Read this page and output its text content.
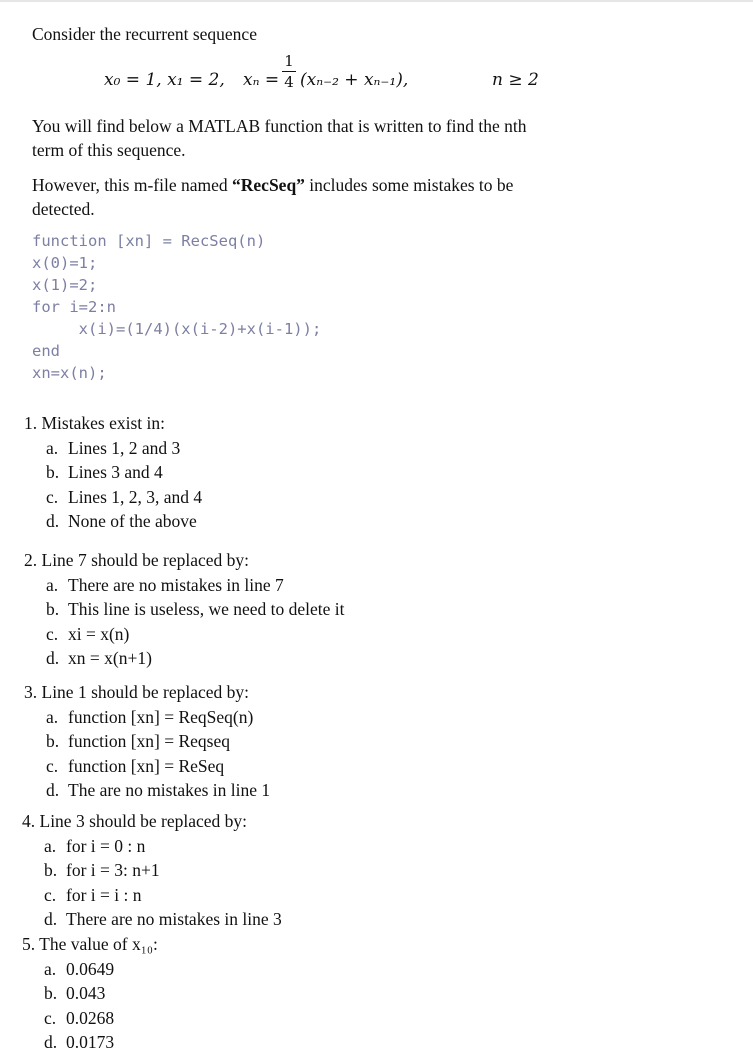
Consider the recurrent sequence

x₀ = 1, x₁ = 2, xₙ =
1
4 (xₙ₋₂ + xₙ₋₁),	n ≥ 2

You will find below a MATLAB function that is written to find the nth

term of this sequence.

However, this m-file named “RecSeq” includes some mistakes to be

detected.

function [xn] = RecSeq(n)
x(0)=1;
x(1)=2;
for i=2:n
x(i)=(1/4)(x(i-2)+x(i-1));
end
xn=x(n);
1. Mistakes exist in:
a. Lines 1, 2 and 3
b. Lines 3 and 4
c. Lines 1, 2, 3, and 4
d. None of the above
2. Line 7 should be replaced by:
a. There are no mistakes in line 7
b. This line is useless, we need to delete it
c. xi = x(n)
d. xn = x(n+1)
3. Line 1 should be replaced by:
a. function [xn] = ReqSeq(n)
b. function [xn] = Reqseq
c. function [xn] = ReSeq
d. The are no mistakes in line 1
4. Line 3 should be replaced by:
a. for i = 0 : n
b. for i = 3: n+1
c. for i = i : n
d. There are no mistakes in line 3
5. The value of x₁₀:
a. 0.0649
b. 0.043
c. 0.0268
d. 0.0173
